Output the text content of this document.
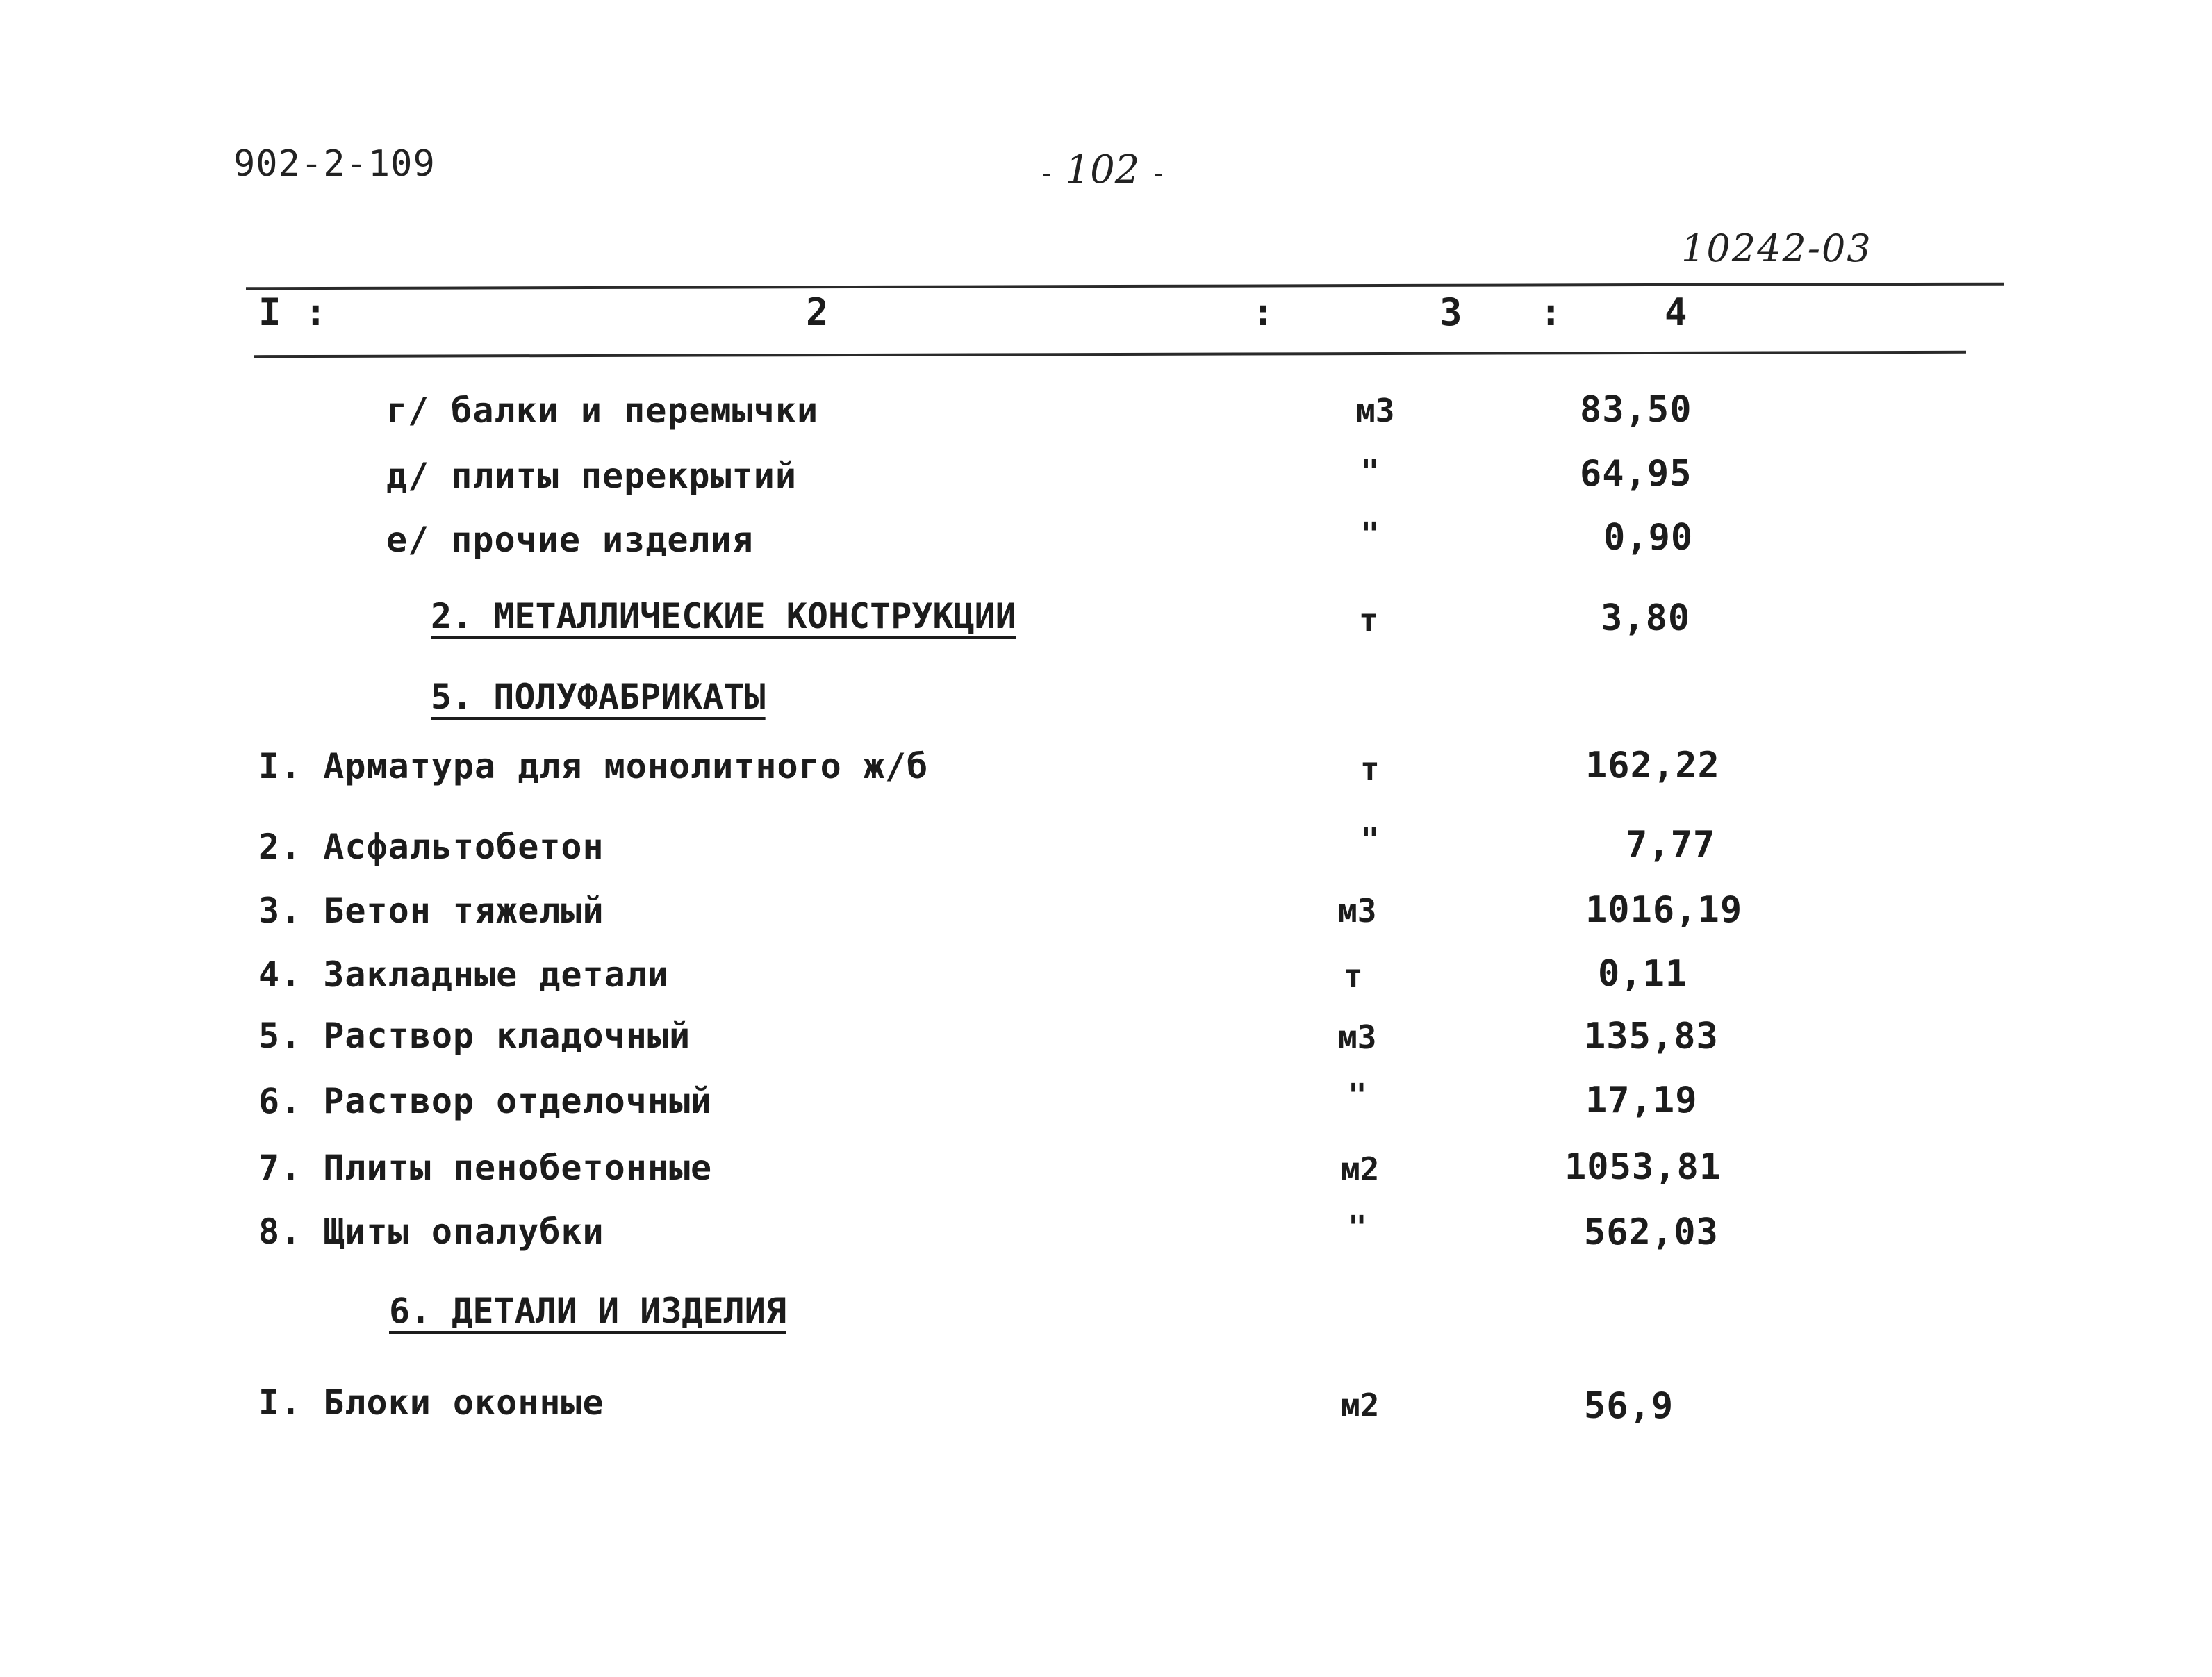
902-2-109	- 102 -
10242-03
I :	2	:	3 :	4
г/ балки и перемычки	м3	83,50
д/ плиты перекрытий	"	64,95
е/ прочие изделия	"	0,90
2. МЕТАЛЛИЧЕСКИЕ КОНСТРУКЦИИ	т	3,80
5. ПОЛУФАБРИКАТЫ
I. Арматура для монолитного ж/б	т	162,22
2. Асфальтобетон	"	7,77
3. Бетон тяжелый	м3	1016,19
4. Закладные детали	т	0,11
5. Раствор кладочный	м3	135,83
6. Раствор отделочный	"	17,19
7. Плиты пенобетонные	м2	1053,81
8. Щиты опалубки	"	562,03
6. ДЕТАЛИ И ИЗДЕЛИЯ
I. Блоки оконные	м2	56,9
